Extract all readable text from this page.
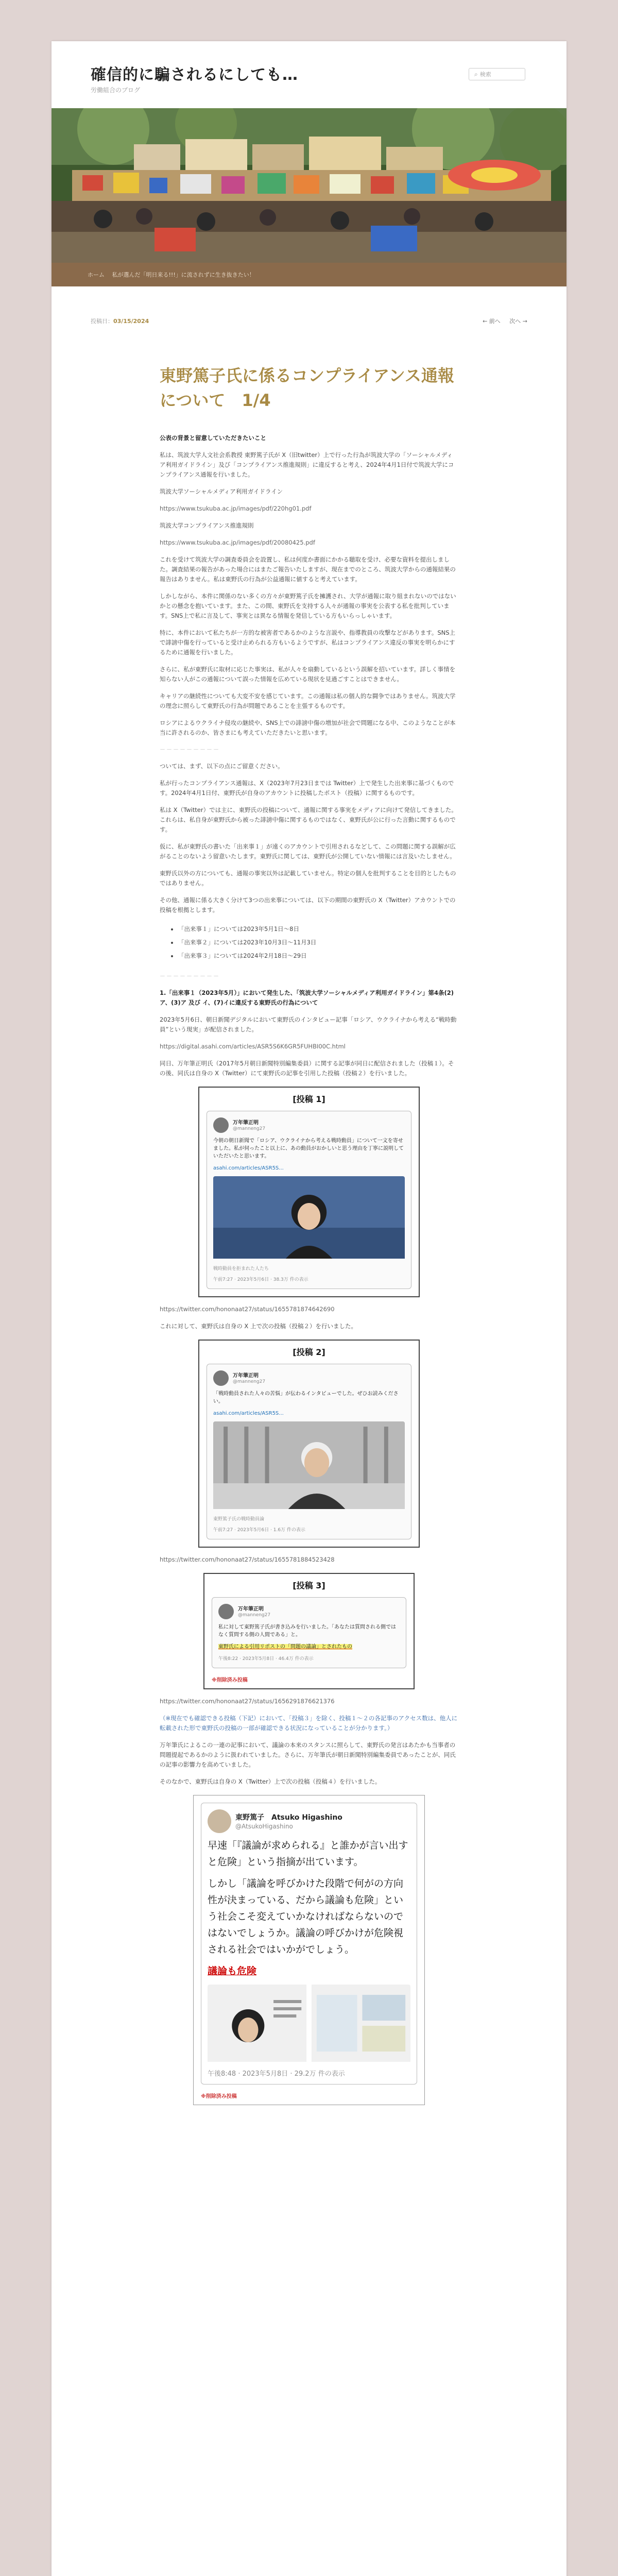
確信的に騙されるにしても…
労働組合のブログ
⌕ 検索
ホーム　 私が選んだ「明日来る!!!」に流されずに生き抜きたい！
投稿日：03/15/2024	← 前へ 次へ →
東野篤子氏に係るコンプライアンス通報について　1/4

公表の背景と留意していただきたいこと

私は、筑波大学人文社会系教授 東野篤子氏が X（旧twitter）上で行った行為が筑波大学の「ソーシャルメディア利用ガイドライン」及び「コンプライアンス推進規則」に違反すると考え、2024年4月1日付で筑波大学にコンプライアンス通報を行いました。

筑波大学ソーシャルメディア利用ガイドライン

https://www.tsukuba.ac.jp/images/pdf/220hg01.pdf

筑波大学コンプライアンス推進規則

https://www.tsukuba.ac.jp/images/pdf/20080425.pdf

これを受けて筑波大学の調査委員会を設置し、私は何度か書面にかかる聴取を受け、必要な資料を提出しました。調査結果の報告があった場合にはまたご報告いたしますが、現在までのところ、筑波大学からの通報結果の報告はありません。私は東野氏の行為が公益通報に値すると考えています。

しかしながら、本件に関係のない多くの方々が東野篤子氏を擁護され、大学が通報に取り組まれないのではないかとの懸念を抱いています。また、この間、東野氏を支持する人々が通報の事実を公表する私を批判しています。SNS上で私に言及して、事実とは異なる情報を発信している方もいらっしゃいます。

特に、本件において私たちが一方的な被害者であるかのような言説や、指導教員の攻撃などがあります。SNS上で誹謗中傷を行っていると受け止められる方もいるようですが、私はコンプライアンス違反の事実を明らかにするために通報を行いました。

さらに、私が東野氏に取材に応じた事実は、私が人々を扇動しているという誤解を招いています。詳しく事情を知らない人がこの通報について誤った情報を広めている現状を見過ごすことはできません。

キャリアの継続性についても大変不安を感じています。この通報は私の個人的な闘争ではありません。筑波大学の理念に照らして東野氏の行為が問題であることを主張するものです。

ロシアによるウクライナ侵攻の継続や、SNS上での誹謗中傷の増加が社会で問題になる中、このようなことが本当に許されるのか、皆さまにも考えていただきたいと思います。

－－－－－－－－－

ついては、まず、以下の点にご留意ください。

私が行ったコンプライアンス通報は、X（2023年7月23日までは Twitter）上で発生した出来事に基づくものです。2024年4月1日付、東野氏が自身のアカウントに投稿したポスト（投稿）に関するものです。

私は X（Twitter）では主に、東野氏の投稿について、通報に関する事実をメディアに向けて発信してきました。これらは、私自身が東野氏から被った誹謗中傷に関するものではなく、東野氏が公に行った言動に関するものです。

仮に、私が東野氏の書いた「出来事１」が遠くのアカウントで引用されるなどして、この問題に関する誤解が広がることのないよう留意いたします。東野氏に関しては、東野氏が公開していない情報には言及いたしません。

東野氏以外の方についても、通報の事実以外は記載していません。特定の個人を批判することを目的としたものではありません。

その他、通報に係る大きく分けて3つの出来事については、以下の期間の東野氏の X（Twitter）アカウントでの投稿を根拠とします。

• 「出来事１」については2023年5月1日～8日
• 「出来事２」については2023年10月3日～11月3日
• 「出来事３」については2024年2月18日～29日

－－－－－－－－－

1.「出来事１（2023年5月）」において発生した、「筑波大学ソーシャルメディア利用ガイドライン」第4条(2)ア、(3)ア 及び イ、(7)イに違反する東野氏の行為について

2023年5月6日、朝日新聞デジタルにおいて東野氏のインタビュー記事「ロシア、ウクライナから考える“戦時動員”という現実」が配信されました。

https://digital.asahi.com/articles/ASR5S6K6GR5FUHBI00C.html

同日、万年筆正明氏（2017年5月朝日新聞特別編集委員）に関する記事が同日に配信されました（投稿１）。その後、同氏は自身の X（Twitter）にて東野氏の記事を引用した投稿（投稿２）を行いました。

[投稿 1]
万年筆正明
@manneng27
今朝の朝日新聞で「ロシア、ウクライナから考える戦時動員」について一文を寄せました。私が伺ったこと以上に、あの動員がおかしいと思う理由を丁寧に説明していただいたと思います。
asahi.com/articles/ASR5S...
戦時動員を拒まれた人たち
午前7:27 · 2023年5月6日 · 38.3万 件の表示

https://twitter.com/hononaat27/status/1655781874642690

これに対して、東野氏は自身の X 上で次の投稿（投稿２）を行いました。

[投稿 2]
万年筆正明
@manneng27
「戦時動員された人々の苦悩」が伝わるインタビューでした。ぜひお読みください。
asahi.com/articles/ASR5S...
東野篤子氏の戦時動員論
午前7:27 · 2023年5月6日 · 1.6万 件の表示

https://twitter.com/hononaat27/status/1655781884523428

[投稿 3]
万年筆正明
@manneng27
私に対して東野篤子氏が書き込みを行いました。「あなたは質問される側ではなく質問する側の人間である」と。
東野氏による引用リポストの「問題の議論」とされたもの
午後8:22 · 2023年5月8日 · 46.4万 件の表示
※削除済み投稿

https://twitter.com/hononaat27/status/1656291876621376

（※現在でも確認できる投稿（下記）において、「投稿３」を除く、投稿１～２の各記事のアクセス数は、他人に転載された形で東野氏の投稿の一部が確認できる状況になっていることが分かります。）

万年筆氏によるこの一連の記事において、議論の本来のスタンスに照らして、東野氏の発言はあたかも当事者の問題提起であるかのように扱われていました。さらに、万年筆氏が朝日新聞特別編集委員であったことが、同氏の記事の影響力を高めていました。

そのなかで、東野氏は自身の X（Twitter）上で次の投稿（投稿４）を行いました。

東野篤子　Atsuko Higashino
@AtsukoHigashino
早速「『議論が求められる』と誰かが言い出すと危険」という指摘が出ています。
しかし「議論を呼びかけた段階で何がの方向性が決まっている、だから議論も危険」という社会こそ変えていかなければならないのではないでしょうか。議論の呼びかけが危険視される社会ではいかがでしょう。
議論も危険
午後8:48 · 2023年5月8日 · 29.2万 件の表示
※削除済み投稿
